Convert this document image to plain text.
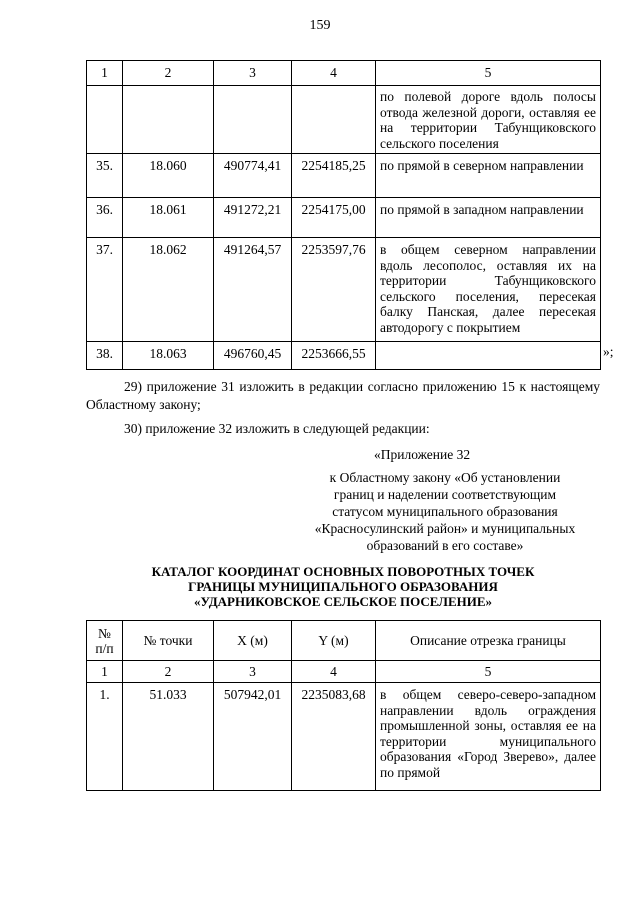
159
1	2	3	4	5
				по полевой дороге вдоль полосы отвода железной дороги, оставляя ее на территории Табунщиковского сельского поселения
35.	18.060	490774,41	2254185,25	по прямой в северном направлении
36.	18.061	491272,21	2254175,00	по прямой в западном направлении
37.	18.062	491264,57	2253597,76	в общем северном направлении вдоль лесополос, оставляя их на территории Табунщиковского сельского поселения, пересекая балку Панская, далее пересекая автодорогу с покрытием
38.	18.063	496760,45	2253666,55		»;
29) приложение 31 изложить в редакции согласно приложению 15 к настоящему Областному закону;
30) приложение 32 изложить в следующей редакции:
«Приложение 32
к Областному закону «Об установлении
границ и наделении соответствующим
статусом муниципального образования
«Красносулинский район» и муниципальных
образований в его составе»
КАТАЛОГ КООРДИНАТ ОСНОВНЫХ ПОВОРОТНЫХ ТОЧЕК
ГРАНИЦЫ МУНИЦИПАЛЬНОГО ОБРАЗОВАНИЯ
«УДАРНИКОВСКОЕ СЕЛЬСКОЕ ПОСЕЛЕНИЕ»
№
п/п	№ точки	X (м)	Y (м)	Описание отрезка границы
1	2	3	4	5
1.	51.033	507942,01	2235083,68	в общем северо-северо-западном направлении вдоль ограждения промышленной зоны, оставляя ее на территории муниципального образования «Город Зверево», далее по прямой
